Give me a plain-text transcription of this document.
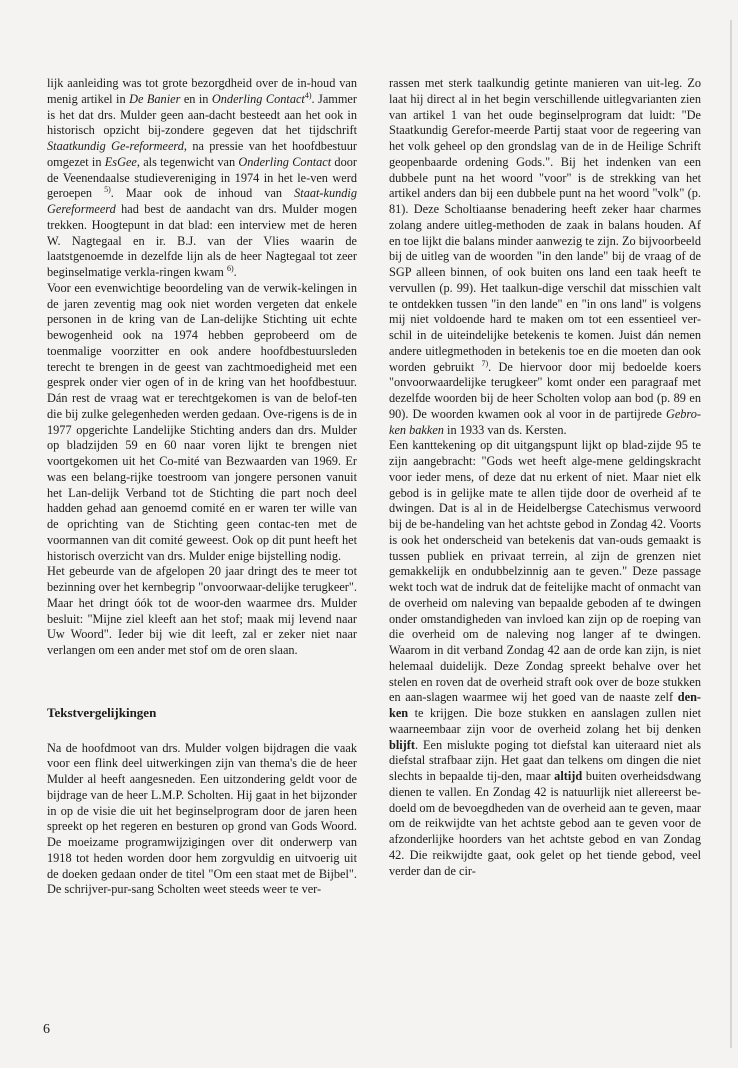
lijk aanleiding was tot grote bezorgdheid over de in-houd van menig artikel in De Banier en in Onderling Contact$^{4)}$. Jammer is het dat drs. Mulder geen aan-dacht besteedt aan het ook in historisch opzicht bij-zondere gegeven dat het tijdschrift Staatkundig Ge-reformeerd, na pressie van het hoofdbestuur omgezet in EsGee, als tegenwicht van Onderling Contact door de Veenendaalse studievereniging in 1974 in het le-ven werd geroepen $^{5)}$. Maar ook de inhoud van Staat-kundig Gereformeerd had best de aandacht van drs. Mulder mogen trekken. Hoogtepunt in dat blad: een interview met de heren W. Nagtegaal en ir. B.J. van der Vlies waarin de laatstgenoemde in dezelfde lijn als de heer Nagtegaal tot zeer beginselmatige verkla-ringen kwam $^{6)}$.

Voor een evenwichtige beoordeling van de verwik-kelingen in de jaren zeventig mag ook niet worden vergeten dat enkele personen in de kring van de Lan-delijke Stichting uit echte bewogenheid ook na 1974 hebben geprobeerd om de toenmalige voorzitter en ook andere hoofdbestuursleden terecht te brengen in de geest van zachtmoedigheid met een gesprek onder vier ogen of in de kring van het hoofdbestuur. Dán rest de vraag wat er terechtgekomen is van de belof-ten die bij zulke gelegenheden werden gedaan. Ove-rigens is de in 1977 opgerichte Landelijke Stichting anders dan drs. Mulder op bladzijden 59 en 60 naar voren lijkt te brengen niet voortgekomen uit het Co-mité van Bezwaarden van 1969. Er was een belang-rijke toestroom van jongere personen vanuit het Lan-delijk Verband tot de Stichting die part noch deel hadden gehad aan genoemd comité en er waren ter wille van de oprichting van de Stichting geen contac-ten met de voormannen van dit comité geweest. Ook op dit punt heeft het historisch overzicht van drs. Mulder enige bijstelling nodig.

Het gebeurde van de afgelopen 20 jaar dringt des te meer tot bezinning over het kernbegrip "onvoorwaar-delijke terugkeer". Maar het dringt óók tot de woor-den waarmee drs. Mulder besluit: "Mijne ziel kleeft aan het stof; maak mij levend naar Uw Woord". Ieder bij wie dit leeft, zal er zeker niet naar verlangen om een ander met stof om de oren slaan.

Tekstvergelijkingen

Na de hoofdmoot van drs. Mulder volgen bijdragen die vaak voor een flink deel uitwerkingen zijn van thema's die de heer Mulder al heeft aangesneden. Een uitzondering geldt voor de bijdrage van de heer L.M.P. Scholten. Hij gaat in het bijzonder in op de visie die uit het beginselprogram door de jaren heen spreekt op het regeren en besturen op grond van Gods Woord. De moeizame programwijzigingen over dit onderwerp van 1918 tot heden worden door hem zorgvuldig en uitvoerig uit de doeken gedaan onder de titel "Om een staat met de Bijbel". De schrijver-pur-sang Scholten weet steeds weer te ver-

rassen met sterk taalkundig getinte manieren van uit-leg. Zo laat hij direct al in het begin verschillende uitlegvarianten zien van artikel 1 van het oude beginselprogram dat luidt: "De Staatkundig Gerefor-meerde Partij staat voor de regeering van het volk geheel op den grondslag van de in de Heilige Schrift geopenbaarde ordening Gods.". Bij het indenken van een dubbele punt na het woord "voor" is de strekking van het artikel anders dan bij een dubbele punt na het woord "volk" (p. 81). Deze Scholtiaanse benadering heeft zeker haar charmes zolang andere uitleg-methoden de zaak in balans houden. Af en toe lijkt die balans minder aanwezig te zijn. Zo bijvoorbeeld bij de uitleg van de woorden "in den lande" bij de vraag of de SGP alleen binnen, of ook buiten ons land een taak heeft te vervullen (p. 99). Het taalkun-dige verschil dat misschien valt te ontdekken tussen "in den lande" en "in ons land" is volgens mij niet voldoende hard te maken om tot een essentieel ver-schil in de uiteindelijke betekenis te komen. Juist dán nemen andere uitlegmethoden in betekenis toe en die moeten dan ook worden gebruikt $^{7)}$. De hiervoor door mij bedoelde koers "onvoorwaardelijke terugkeer" komt onder een paragraaf met dezelfde woorden bij de heer Scholten volop aan bod (p. 89 en 90). De woorden kwamen ook al voor in de partijrede Gebro-ken bakken in 1933 van ds. Kersten.

Een kanttekening op dit uitgangspunt lijkt op blad-zijde 95 te zijn aangebracht: "Gods wet heeft alge-mene geldingskracht voor ieder mens, of deze dat nu erkent of niet. Maar niet elk gebod is in gelijke mate te allen tijde door de overheid af te dwingen. Dat is al in de Heidelbergse Catechismus verwoord bij de be-handeling van het achtste gebod in Zondag 42. Voorts is ook het onderscheid van betekenis dat van-ouds gemaakt is tussen publiek en privaat terrein, al zijn de grenzen niet gemakkelijk en ondubbelzinnig aan te geven." Deze passage wekt toch wat de indruk dat de feitelijke macht of onmacht van de overheid om naleving van bepaalde geboden af te dwingen onder omstandigheden van invloed kan zijn op de roeping van die overheid om de naleving nog langer af te dwingen. Waarom in dit verband Zondag 42 aan de orde kan zijn, is niet helemaal duidelijk. Deze Zondag spreekt behalve over het stelen en roven dat de overheid straft ook over de boze stukken en aan-slagen waarmee wij het goed van de naaste zelf den-ken te krijgen. Die boze stukken en aanslagen zullen niet waarneembaar zijn voor de overheid zolang het bij denken blijft. Een mislukte poging tot diefstal kan uiteraard niet als diefstal strafbaar zijn. Het gaat dan telkens om dingen die niet slechts in bepaalde tij-den, maar altijd buiten overheidsdwang dienen te vallen. En Zondag 42 is natuurlijk niet allereerst be-doeld om de bevoegdheden van de overheid aan te geven, maar om de reikwijdte van het achtste gebod aan te geven voor de afzonderlijke hoorders van het achtste gebod en van Zondag 42. Die reikwijdte gaat, ook gelet op het tiende gebod, veel verder dan de cir-

6
